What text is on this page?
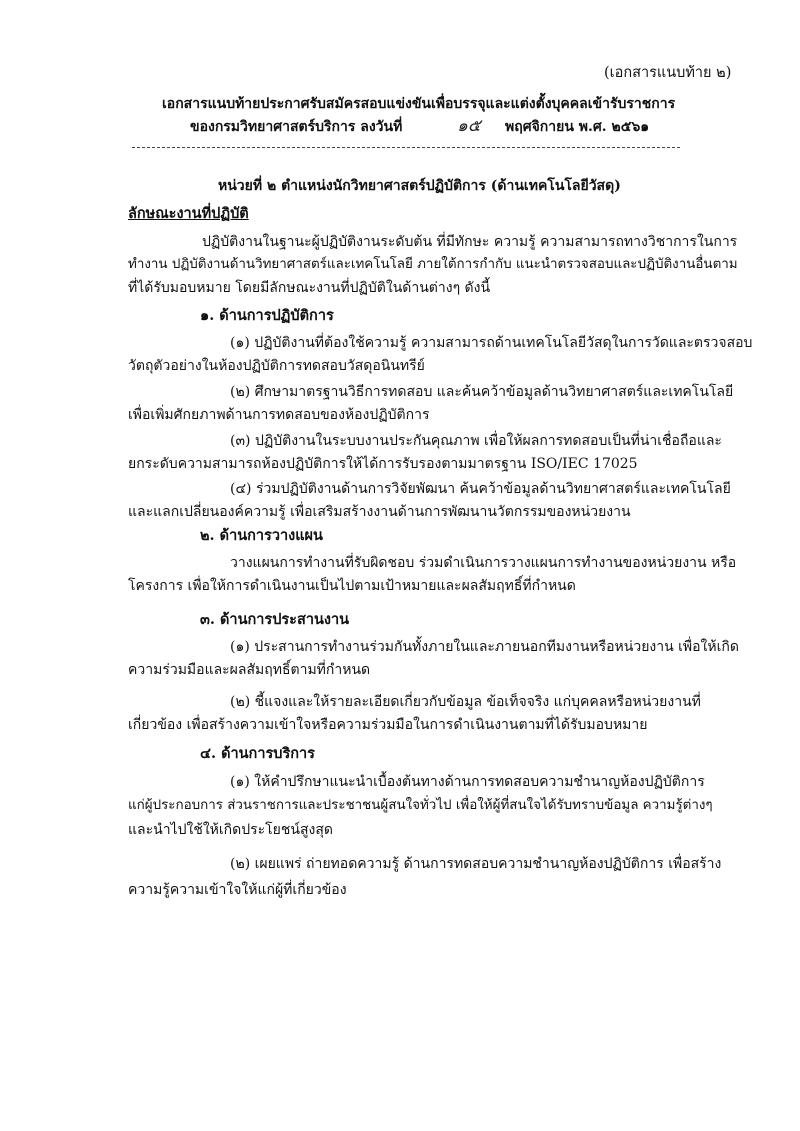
(เอกสารแนบท้าย ๒)
เอกสารแนบท้ายประกาศรับสมัครสอบแข่งขันเพื่อบรรจุและแต่งตั้งบุคคลเข้ารับราชการ
ของกรมวิทยาศาสตร์บริการ ลงวันที่	๑๕ พฤศจิกายน พ.ศ. ๒๕๖๑
หน่วยที่ ๒ ตำแหน่งนักวิทยาศาสตร์ปฏิบัติการ (ด้านเทคโนโลยีวัสดุ)
ลักษณะงานที่ปฏิบัติ
ปฏิบัติงานในฐานะผู้ปฏิบัติงานระดับต้น ที่มีทักษะ ความรู้ ความสามารถทางวิชาการในการ
ทำงาน ปฏิบัติงานด้านวิทยาศาสตร์และเทคโนโลยี ภายใต้การกำกับ แนะนำตรวจสอบและปฏิบัติงานอื่นตาม
ที่ได้รับมอบหมาย โดยมีลักษณะงานที่ปฏิบัติในด้านต่างๆ ดังนี้
๑. ด้านการปฏิบัติการ
(๑) ปฏิบัติงานที่ต้องใช้ความรู้ ความสามารถด้านเทคโนโลยีวัสดุในการวัดและตรวจสอบ
วัตถุตัวอย่างในห้องปฏิบัติการทดสอบวัสดุอนินทรีย์
(๒) ศึกษามาตรฐานวิธีการทดสอบ และค้นคว้าข้อมูลด้านวิทยาศาสตร์และเทคโนโลยี
เพื่อเพิ่มศักยภาพด้านการทดสอบของห้องปฏิบัติการ
(๓) ปฏิบัติงานในระบบงานประกันคุณภาพ เพื่อให้ผลการทดสอบเป็นที่น่าเชื่อถือและ
ยกระดับความสามารถห้องปฏิบัติการให้ได้การรับรองตามมาตรฐาน ISO/IEC 17025
(๔) ร่วมปฏิบัติงานด้านการวิจัยพัฒนา ค้นคว้าข้อมูลด้านวิทยาศาสตร์และเทคโนโลยี
และแลกเปลี่ยนองค์ความรู้ เพื่อเสริมสร้างงานด้านการพัฒนานวัตกรรมของหน่วยงาน
๒. ด้านการวางแผน
วางแผนการทำงานที่รับผิดชอบ ร่วมดำเนินการวางแผนการทำงานของหน่วยงาน หรือ
โครงการ เพื่อให้การดำเนินงานเป็นไปตามเป้าหมายและผลสัมฤทธิ์ที่กำหนด
๓. ด้านการประสานงาน
(๑) ประสานการทำงานร่วมกันทั้งภายในและภายนอกทีมงานหรือหน่วยงาน เพื่อให้เกิด
ความร่วมมือและผลสัมฤทธิ์ตามที่กำหนด
(๒) ชี้แจงและให้รายละเอียดเกี่ยวกับข้อมูล ข้อเท็จจริง แก่บุคคลหรือหน่วยงานที่
เกี่ยวข้อง เพื่อสร้างความเข้าใจหรือความร่วมมือในการดำเนินงานตามที่ได้รับมอบหมาย
๔. ด้านการบริการ
(๑) ให้คำปรึกษาแนะนำเบื้องต้นทางด้านการทดสอบความชำนาญห้องปฏิบัติการ
แก่ผู้ประกอบการ ส่วนราชการและประชาชนผู้สนใจทั่วไป เพื่อให้ผู้ที่สนใจได้รับทราบข้อมูล ความรู้ต่างๆ
และนำไปใช้ให้เกิดประโยชน์สูงสุด
(๒) เผยแพร่ ถ่ายทอดความรู้ ด้านการทดสอบความชำนาญห้องปฏิบัติการ เพื่อสร้าง
ความรู้ความเข้าใจให้แก่ผู้ที่เกี่ยวข้อง
